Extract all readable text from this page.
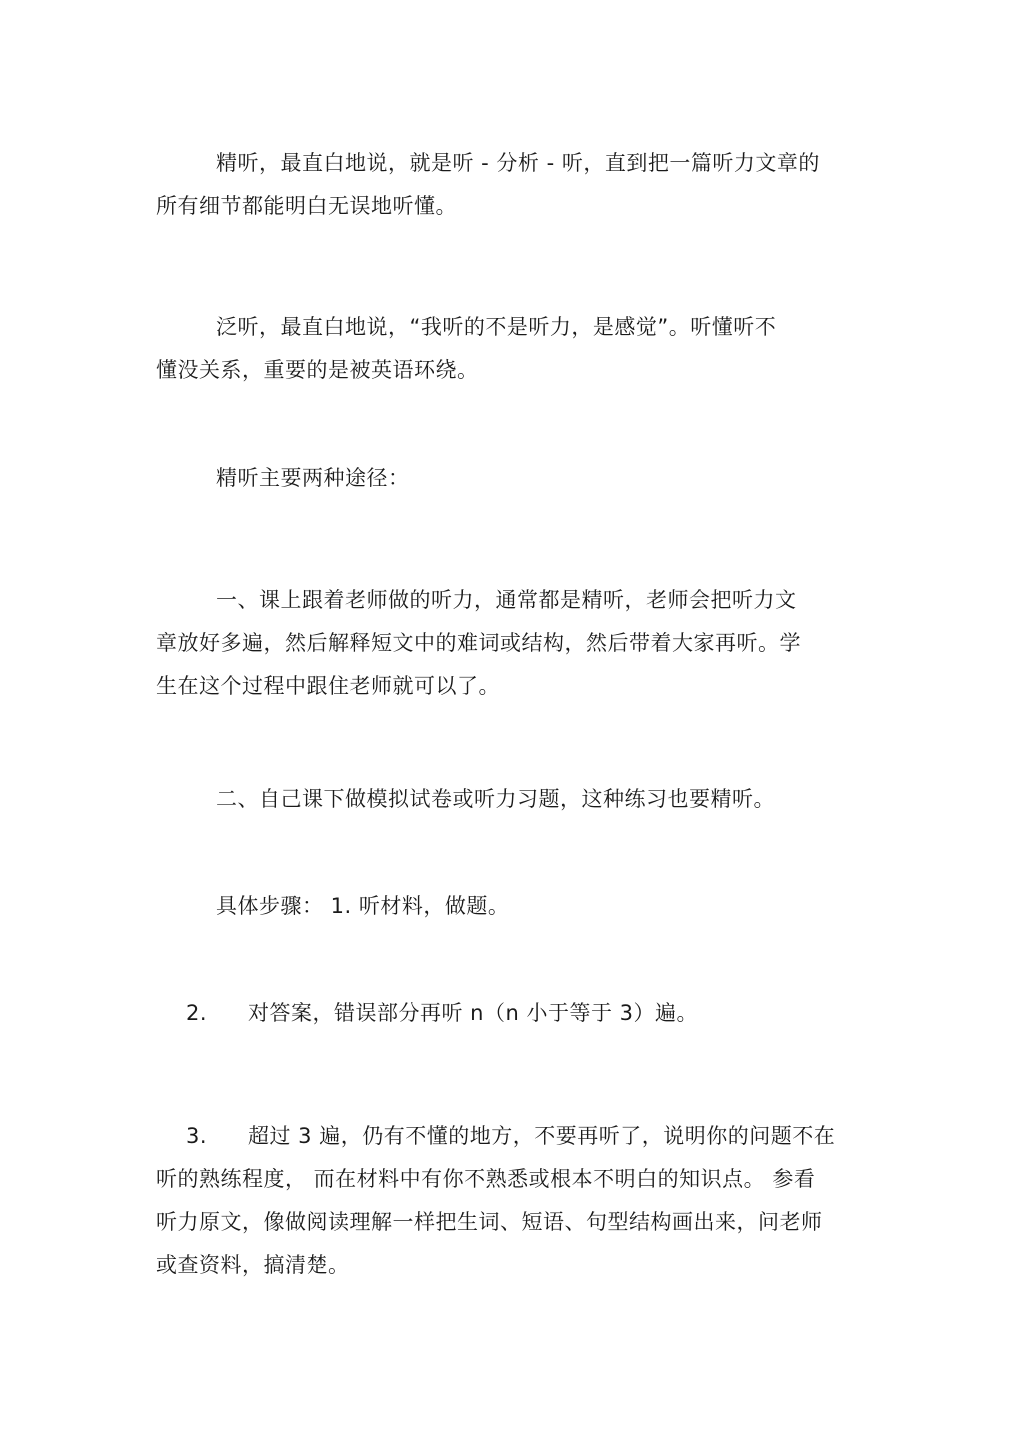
精听，最直白地说，就是听 - 分析 - 听，直到把一篇听力文章的
所有细节都能明白无误地听懂。

泛听，最直白地说，“我听的不是听力，是感觉”。听懂听不
懂没关系，重要的是被英语环绕。

精听主要两种途径：

一、课上跟着老师做的听力，通常都是精听，老师会把听力文
章放好多遍，然后解释短文中的难词或结构，然后带着大家再听。学
生在这个过程中跟住老师就可以了。

二、自己课下做模拟试卷或听力习题，这种练习也要精听。

具体步骤： 1. 听材料，做题。

2. 对答案，错误部分再听 n（n 小于等于 3）遍。

3. 超过 3 遍，仍有不懂的地方，不要再听了，说明你的问题不在
听的熟练程度， 而在材料中有你不熟悉或根本不明白的知识点。 参看
听力原文，像做阅读理解一样把生词、短语、句型结构画出来，问老师
或查资料，搞清楚。
